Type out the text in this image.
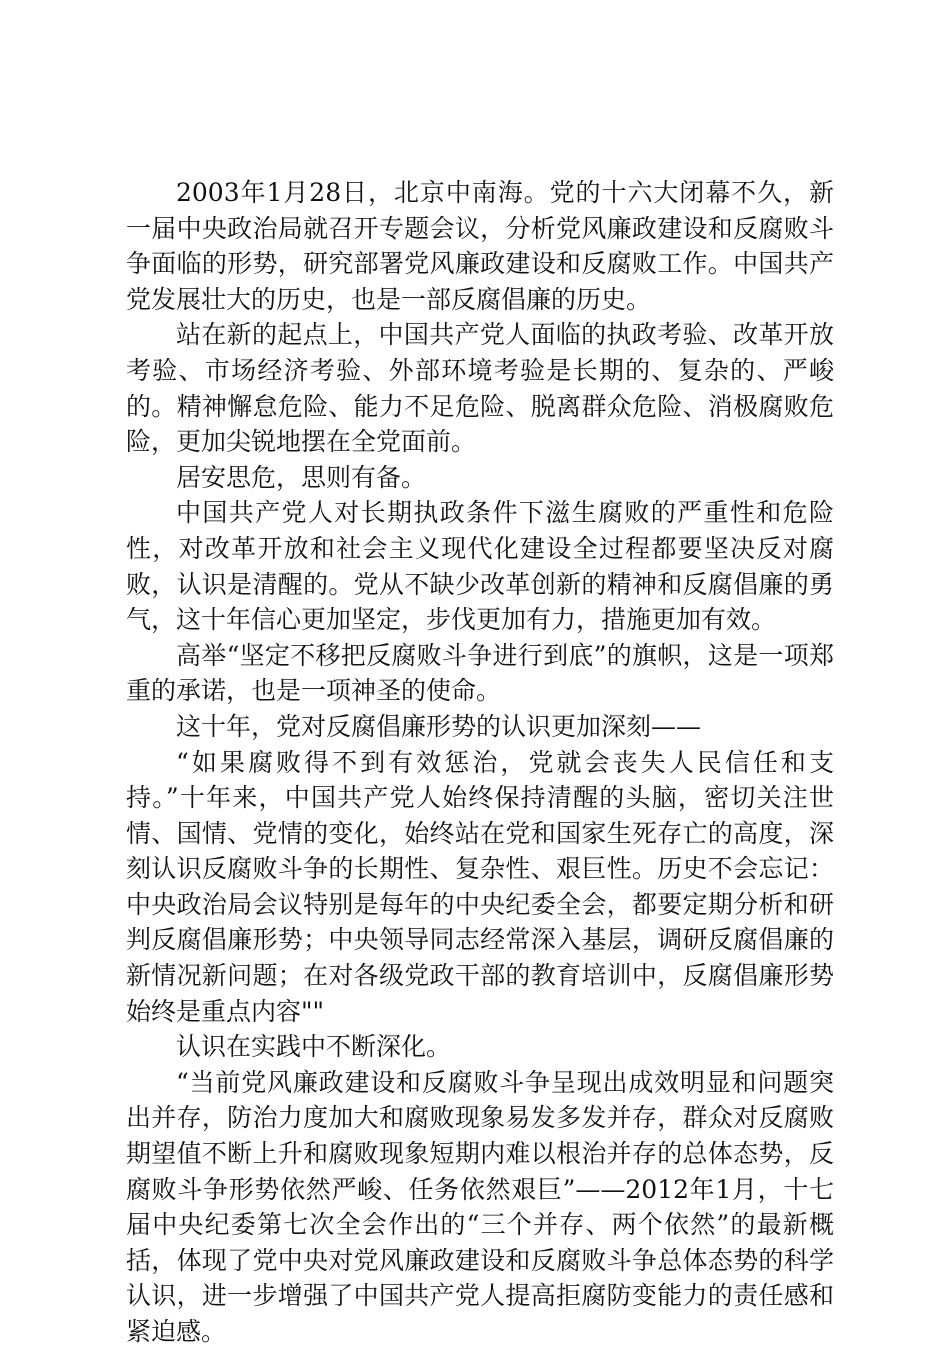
2003年1月28日，北京中南海。党的十六大闭幕不久，新一届中央政治局就召开专题会议，分析党风廉政建设和反腐败斗争面临的形势，研究部署党风廉政建设和反腐败工作。中国共产党发展壮大的历史，也是一部反腐倡廉的历史。

站在新的起点上，中国共产党人面临的执政考验、改革开放考验、市场经济考验、外部环境考验是长期的、复杂的、严峻的。精神懈怠危险、能力不足危险、脱离群众危险、消极腐败危险，更加尖锐地摆在全党面前。

居安思危，思则有备。

中国共产党人对长期执政条件下滋生腐败的严重性和危险性，对改革开放和社会主义现代化建设全过程都要坚决反对腐败，认识是清醒的。党从不缺少改革创新的精神和反腐倡廉的勇气，这十年信心更加坚定，步伐更加有力，措施更加有效。

高举“坚定不移把反腐败斗争进行到底”的旗帜，这是一项郑重的承诺，也是一项神圣的使命。

这十年，党对反腐倡廉形势的认识更加深刻——

“如果腐败得不到有效惩治，党就会丧失人民信任和支持。”十年来，中国共产党人始终保持清醒的头脑，密切关注世情、国情、党情的变化，始终站在党和国家生死存亡的高度，深刻认识反腐败斗争的长期性、复杂性、艰巨性。历史不会忘记：中央政治局会议特别是每年的中央纪委全会，都要定期分析和研判反腐倡廉形势；中央领导同志经常深入基层，调研反腐倡廉的新情况新问题；在对各级党政干部的教育培训中，反腐倡廉形势始终是重点内容""

认识在实践中不断深化。

“当前党风廉政建设和反腐败斗争呈现出成效明显和问题突出并存，防治力度加大和腐败现象易发多发并存，群众对反腐败期望值不断上升和腐败现象短期内难以根治并存的总体态势，反腐败斗争形势依然严峻、任务依然艰巨”——2012年1月，十七届中央纪委第七次全会作出的“三个并存、两个依然”的最新概括，体现了党中央对党风廉政建设和反腐败斗争总体态势的科学认识，进一步增强了中国共产党人提高拒腐防变能力的责任感和紧迫感。
